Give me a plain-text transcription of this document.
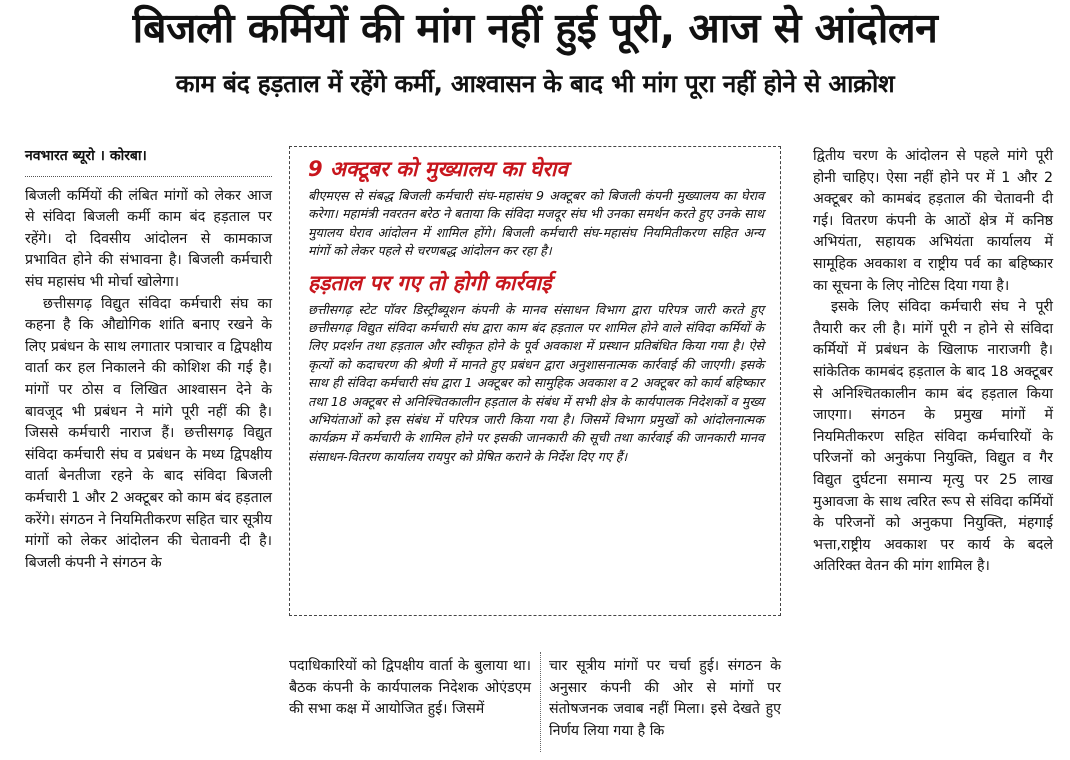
बिजली कर्मियों की मांग नहीं हुई पूरी, आज से आंदोलन
काम बंद हड़ताल में रहेंगे कर्मी, आश्‍वासन के बाद भी मांग पूरा नहीं होने से आक्रोश

नवभारत ब्यूरो । कोरबा।

बिजली कर्मियों की लंबित मांगों को लेकर आज से संविदा बिजली कर्मी काम बंद हड़ताल पर रहेंगे। दो दिवसीय आंदोलन से कामकाज प्रभावित होने की संभावना है। बिजली कर्मचारी संघ महासंघ भी मोर्चा खोलेगा।

छत्तीसगढ़ विद्युत संविदा कर्मचारी संघ का कहना है कि औद्योगिक शांति बनाए रखने के लिए प्रबंधन के साथ लगातार पत्राचार व द्विपक्षीय वार्ता कर हल निकालने की कोशिश की गई है। मांगों पर ठोस व लिखित आश्‍वासन देने के बावजूद भी प्रबंधन ने मांगे पूरी नहीं की है। जिससे कर्मचारी नाराज हैं। छत्तीसगढ़ विद्युत संविदा कर्मचारी संघ व प्रबंधन के मध्य द्विपक्षीय वार्ता बेनतीजा रहने के बाद संविदा बिजली कर्मचारी 1 और 2 अक्टूबर को काम बंद हड़ताल करेंगे। संगठन ने नियमितीकरण सहित चार सूत्रीय मांगों को लेकर आंदोलन की चेतावनी दी है। बिजली कंपनी ने संगठन के

9 अक्टूबर को मुख्यालय का घेराव

बीएमएस से संबद्ध बिजली कर्मचारी संघ-महासंघ 9 अक्टूबर को बिजली कंपनी मुख्यालय का घेराव करेगा। महामंत्री नवरतन बरेठ ने बताया कि संविदा मजदूर संघ भी उनका समर्थन करते हुए उनके साथ मुयालय घेराव आंदोलन में शामिल होंगे। बिजली कर्मचारी संघ-महासंघ नियमितीकरण सहित अन्य मांगों को लेकर पहले से चरणबद्ध आंदोलन कर रहा है।

हड़ताल पर गए तो होगी कार्रवाई

छत्तीसगढ़ स्टेट पॉवर डिस्ट्रीब्यूशन कंपनी के मानव संसाधन विभाग द्वारा परिपत्र जारी करते हुए छत्तीसगढ़ विद्युत संविदा कर्मचारी संघ द्वारा काम बंद हड़ताल पर शामिल होने वाले संविदा कर्मियों के लिए प्रदर्शन तथा हड़ताल और स्वीकृत होने के पूर्व अवकाश में प्रस्थान प्रतिबंधित किया गया है। ऐसे कृत्यों को कदाचरण की श्रेणी में मानते हुए प्रबंधन द्वारा अनुशासनात्मक कार्रवाई की जाएगी। इसके साथ ही संविदा कर्मचारी संघ द्वारा 1 अक्टूबर को सामुहिक अवकाश व 2 अक्टूबर को कार्य बहिष्कार तथा 18 अक्टूबर से अनिश्चितकालीन हड़ताल के संबंध में सभी क्षेत्र के कार्यपालक निदेशकों व मुख्य अभियंताओं को इस संबंध में परिपत्र जारी किया गया है। जिसमें विभाग प्रमुखों को आंदोलनात्मक कार्यक्रम में कर्मचारी के शामिल होने पर इसकी जानकारी की सूची तथा कार्रवाई की जानकारी मानव संसाधन-वितरण कार्यालय रायपुर को प्रेषित कराने के निर्देश दिए गए हैं।

पदाधिकारियों को द्विपक्षीय वार्ता के बुलाया था। बैठक कंपनी के कार्यपालक निदेशक ओएंडएम की सभा कक्ष में आयोजित हुई। जिसमें

चार सूत्रीय मांगों पर चर्चा हुई। संगठन के अनुसार कंपनी की ओर से मांगों पर संतोषजनक जवाब नहीं मिला। इसे देखते हुए निर्णय लिया गया है कि

द्वितीय चरण के आंदोलन से पहले मांगे पूरी होनी चाहिए। ऐसा नहीं होने पर में 1 और 2 अक्टूबर को कामबंद हड़ताल की चेतावनी दी गई। वितरण कंपनी के आठों क्षेत्र में कनिष्ठ अभियंता, सहायक अभियंता कार्यालय में सामूहिक अवकाश व राष्ट्रीय पर्व का बहिष्कार का सूचना के लिए नोटिस दिया गया है।

इसके लिए संविदा कर्मचारी संघ ने पूरी तैयारी कर ली है। मांगें पूरी न होने से संविदा कर्मियों में प्रबंधन के खिलाफ नाराजगी है। सांकेतिक कामबंद हड़ताल के बाद 18 अक्टूबर से अनिश्चितकालीन काम बंद हड़ताल किया जाएगा। संगठन के प्रमुख मांगों में नियमितीकरण सहित संविदा कर्मचारियों के परिजनों को अनुकंपा नियुक्ति, विद्युत व गैर विद्युत दुर्घटना समान्य मृत्यु पर 25 लाख मुआवजा के साथ त्वरित रूप से संविदा कर्मियों के परिजनों को अनुकपा नियुक्ति, मंहगाई भत्ता,राष्ट्रीय अवकाश पर कार्य के बदले अतिरिक्त वेतन की मांग शामिल है।
